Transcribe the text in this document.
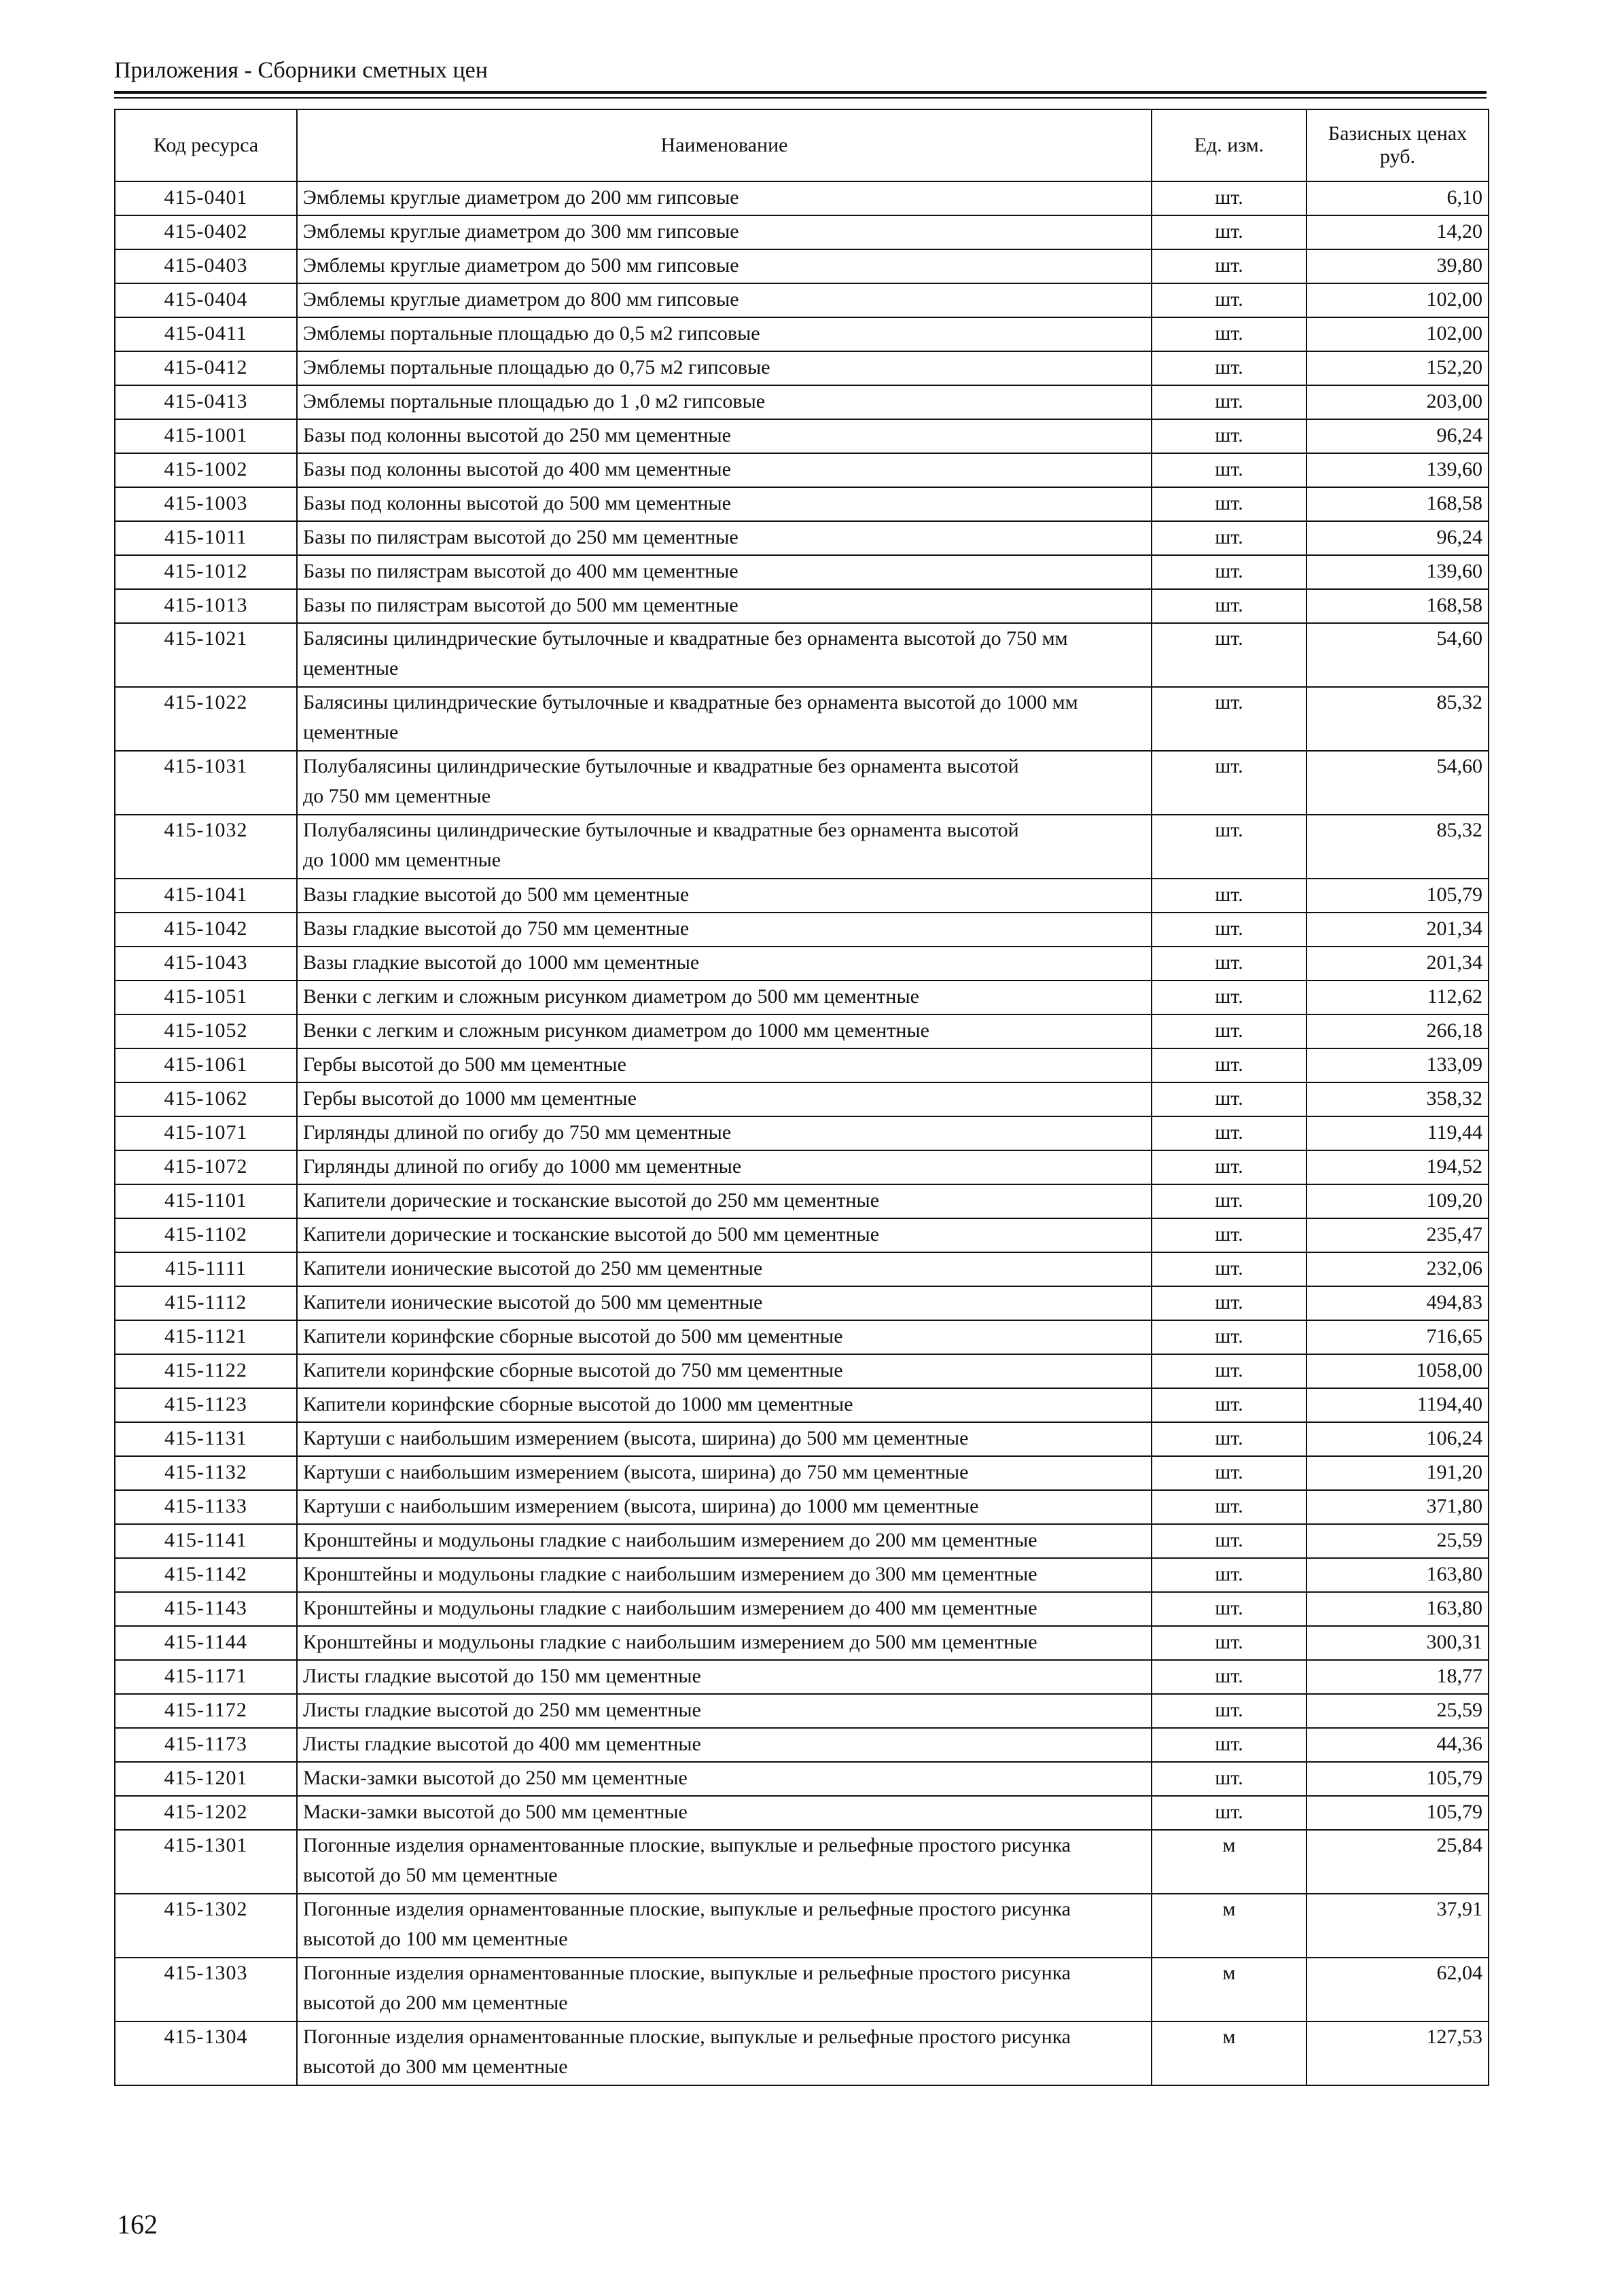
Приложения - Сборники сметных цен
Код ресурса	Наименование	Ед. изм.	Базисных ценах
руб.

415-0401	Эмблемы круглые диаметром до 200 мм гипсовые	шт.	6,10
415-0402	Эмблемы круглые диаметром до 300 мм гипсовые	шт.	14,20
415-0403	Эмблемы круглые диаметром до 500 мм гипсовые	шт.	39,80
415-0404	Эмблемы круглые диаметром до 800 мм гипсовые	шт.	102,00
415-0411	Эмблемы портальные площадью до 0,5 м2 гипсовые	шт.	102,00
415-0412	Эмблемы портальные площадью до 0,75 м2 гипсовые	шт.	152,20
415-0413	Эмблемы портальные площадью до 1 ,0 м2 гипсовые	шт.	203,00
415-1001	Базы под колонны высотой до 250 мм цементные	шт.	96,24
415-1002	Базы под колонны высотой до 400 мм цементные	шт.	139,60
415-1003	Базы под колонны высотой до 500 мм цементные	шт.	168,58
415-1011	Базы по пилястрам высотой до 250 мм цементные	шт.	96,24
415-1012	Базы по пилястрам высотой до 400 мм цементные	шт.	139,60
415-1013	Базы по пилястрам высотой до 500 мм цементные	шт.	168,58
415-1021	Балясины цилиндрические бутылочные и квадратные без орнамента высотой до 750 мм
цементные	шт.	54,60
415-1022	Балясины цилиндрические бутылочные и квадратные без орнамента высотой до 1000 мм
цементные	шт.	85,32
415-1031	Полубалясины цилиндрические бутылочные и квадратные без орнамента высотой
до 750 мм цементные	шт.	54,60
415-1032	Полубалясины цилиндрические бутылочные и квадратные без орнамента высотой
до 1000 мм цементные	шт.	85,32
415-1041	Вазы гладкие высотой до 500 мм цементные	шт.	105,79
415-1042	Вазы гладкие высотой до 750 мм цементные	шт.	201,34
415-1043	Вазы гладкие высотой до 1000 мм цементные	шт.	201,34
415-1051	Венки с легким и сложным рисунком диаметром до 500 мм цементные	шт.	112,62
415-1052	Венки с легким и сложным рисунком диаметром до 1000 мм цементные	шт.	266,18
415-1061	Гербы высотой до 500 мм цементные	шт.	133,09
415-1062	Гербы высотой до 1000 мм цементные	шт.	358,32
415-1071	Гирлянды длиной по огибу до 750 мм цементные	шт.	119,44
415-1072	Гирлянды длиной по огибу до 1000 мм цементные	шт.	194,52
415-1101	Капители дорические и тосканские высотой до 250 мм цементные	шт.	109,20
415-1102	Капители дорические и тосканские высотой до 500 мм цементные	шт.	235,47
415-1111	Капители ионические высотой до 250 мм цементные	шт.	232,06
415-1112	Капители ионические высотой до 500 мм цементные	шт.	494,83
415-1121	Капители коринфские сборные высотой до 500 мм цементные	шт.	716,65
415-1122	Капители коринфские сборные высотой до 750 мм цементные	шт.	1058,00
415-1123	Капители коринфские сборные высотой до 1000 мм цементные	шт.	1194,40
415-1131	Картуши с наибольшим измерением (высота, ширина) до 500 мм цементные	шт.	106,24
415-1132	Картуши с наибольшим измерением (высота, ширина) до 750 мм цементные	шт.	191,20
415-1133	Картуши с наибольшим измерением (высота, ширина) до 1000 мм цементные	шт.	371,80
415-1141	Кронштейны и модульоны гладкие с наибольшим измерением до 200 мм цементные	шт.	25,59
415-1142	Кронштейны и модульоны гладкие с наибольшим измерением до 300 мм цементные	шт.	163,80
415-1143	Кронштейны и модульоны гладкие с наибольшим измерением до 400 мм цементные	шт.	163,80
415-1144	Кронштейны и модульоны гладкие с наибольшим измерением до 500 мм цементные	шт.	300,31
415-1171	Листы гладкие высотой до 150 мм цементные	шт.	18,77
415-1172	Листы гладкие высотой до 250 мм цементные	шт.	25,59
415-1173	Листы гладкие высотой до 400 мм цементные	шт.	44,36
415-1201	Маски-замки высотой до 250 мм цементные	шт.	105,79
415-1202	Маски-замки высотой до 500 мм цементные	шт.	105,79
415-1301	Погонные изделия орнаментованные плоские, выпуклые и рельефные простого рисунка
высотой до 50 мм цементные	м	25,84
415-1302	Погонные изделия орнаментованные плоские, выпуклые и рельефные простого рисунка
высотой до 100 мм цементные	м	37,91
415-1303	Погонные изделия орнаментованные плоские, выпуклые и рельефные простого рисунка
высотой до 200 мм цементные	м	62,04
415-1304	Погонные изделия орнаментованные плоские, выпуклые и рельефные простого рисунка
высотой до 300 мм цементные	м	127,53
162
